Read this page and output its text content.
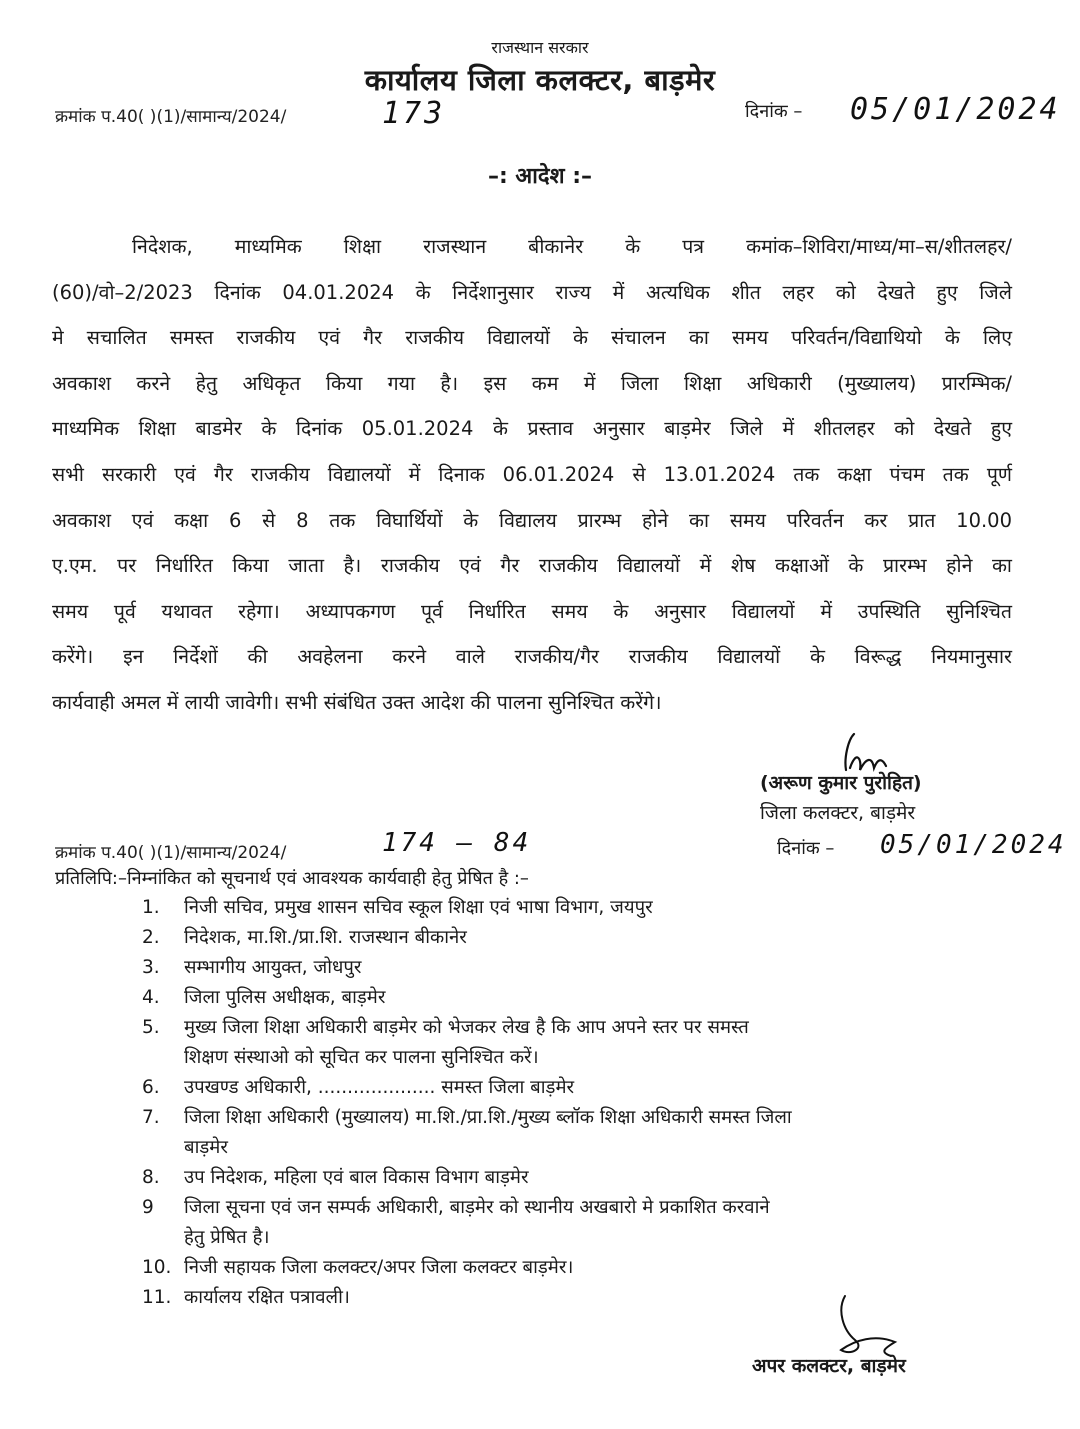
राजस्थान सरकार
कार्यालय जिला कलक्टर, बाड़मेर
क्रमांक प.40( )(1)/सामान्य/2024/	173	दिनांक – 05/01/2024
–: आदेश :–
निदेशक, माध्यमिक शिक्षा राजस्थान बीकानेर के पत्र कमांक–शिविरा/माध्य/मा–स/शीतलहर/
(60)/वो–2/2023 दिनांक 04.01.2024 के निर्देशानुसार राज्य में अत्यधिक शीत लहर को देखते हुए जिले
मे सचालित समस्त राजकीय एवं गैर राजकीय विद्यालयों के संचालन का समय परिवर्तन/विद्याथियो के लिए
अवकाश करने हेतु अधिकृत किया गया है। इस कम में जिला शिक्षा अधिकारी (मुख्यालय) प्रारम्भिक/
माध्यमिक शिक्षा बाडमेर के दिनांक 05.01.2024 के प्रस्ताव अनुसार बाड़मेर जिले में शीतलहर को देखते हुए
सभी सरकारी एवं गैर राजकीय विद्यालयों में दिनाक 06.01.2024 से 13.01.2024 तक कक्षा पंचम तक पूर्ण
अवकाश एवं कक्षा 6 से 8 तक विघार्थियों के विद्यालय प्रारम्भ होने का समय परिवर्तन कर प्रात 10.00
ए.एम. पर निर्धारित किया जाता है। राजकीय एवं गैर राजकीय विद्यालयों में शेष कक्षाओं के प्रारम्भ होने का
समय पूर्व यथावत रहेगा। अध्यापकगण पूर्व निर्धारित समय के अनुसार विद्यालयों में उपस्थिति सुनिश्चित
करेंगे। इन निर्देशों की अवहेलना करने वाले राजकीय/गैर राजकीय विद्यालयों के विरूद्ध नियमानुसार
कार्यवाही अमल में लायी जावेगी। सभी संबंधित उक्त आदेश की पालना सुनिश्चित करेंगे।
(अरूण कुमार पुरोहित)
जिला कलक्टर, बाड़मेर
क्रमांक प.40( )(1)/सामान्य/2024/	174 – 84	दिनांक – 05/01/2024
प्रतिलिपि:–निम्नांकित को सूचनार्थ एवं आवश्यक कार्यवाही हेतु प्रेषित है :–
1.	निजी सचिव, प्रमुख शासन सचिव स्कूल शिक्षा एवं भाषा विभाग, जयपुर
2.	निदेशक, मा.शि./प्रा.शि. राजस्थान बीकानेर
3.	सम्भागीय आयुक्त, जोधपुर
4.	जिला पुलिस अधीक्षक, बाड़मेर
5.	मुख्य जिला शिक्षा अधिकारी बाड़मेर को भेजकर लेख है कि आप अपने स्तर पर समस्त
शिक्षण संस्थाओ को सूचित कर पालना सुनिश्चित करें।
6.	उपखण्ड अधिकारी, .................... समस्त जिला बाड़मेर
7.	जिला शिक्षा अधिकारी (मुख्यालय) मा.शि./प्रा.शि./मुख्य ब्लॉक शिक्षा अधिकारी समस्त जिला
बाड़मेर
8.	उप निदेशक, महिला एवं बाल विकास विभाग बाड़मेर
9	जिला सूचना एवं जन सम्पर्क अधिकारी, बाड़मेर को स्थानीय अखबारो मे प्रकाशित करवाने
हेतु प्रेषित है।
10. निजी सहायक जिला कलक्टर/अपर जिला कलक्टर बाड़मेर।
11. कार्यालय रक्षित पत्रावली।
अपर कलक्टर, बाड़मेर
